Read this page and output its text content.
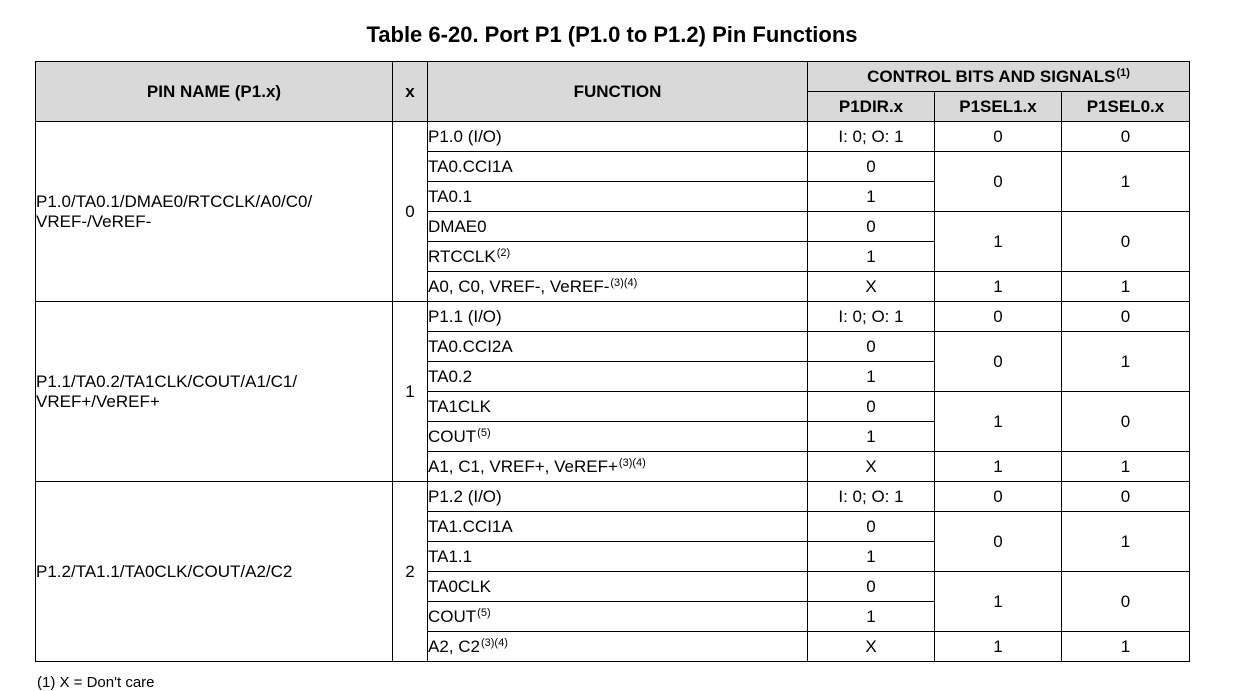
Table 6-20. Port P1 (P1.0 to P1.2) Pin Functions
PIN NAME (P1.x)	x	FUNCTION	CONTROL BITS AND SIGNALS$^{(1)}$
			P1DIR.x	P1SEL1.x	P1SEL0.x

P1.0/TA0.1/DMAE0/RTCCLK/A0/C0/
VREF-/VeREF-	0	P1.0 (I/O)	I: 0; O: 1	0	0
		TA0.CCI1A	0	0	1
		TA0.1	1		
		DMAE0	0	1	0
		RTCCLK$^{(2)}$	1		
		A0, C0, VREF-, VeREF-$^{(3)(4)}$	X	1	1

P1.1/TA0.2/TA1CLK/COUT/A1/C1/
VREF+/VeREF+	1	P1.1 (I/O)	I: 0; O: 1	0	0
		TA0.CCI2A	0	0	1
		TA0.2	1		
		TA1CLK	0	1	0
		COUT$^{(5)}$	1		
		A1, C1, VREF+, VeREF+$^{(3)(4)}$	X	1	1

P1.2/TA1.1/TA0CLK/COUT/A2/C2	2	P1.2 (I/O)	I: 0; O: 1	0	0
		TA1.CCI1A	0	0	1
		TA1.1	1		
		TA0CLK	0	1	0
		COUT$^{(5)}$	1		
		A2, $C2^{(3)(4)}$	X	1	1
(1) X = Don't care
